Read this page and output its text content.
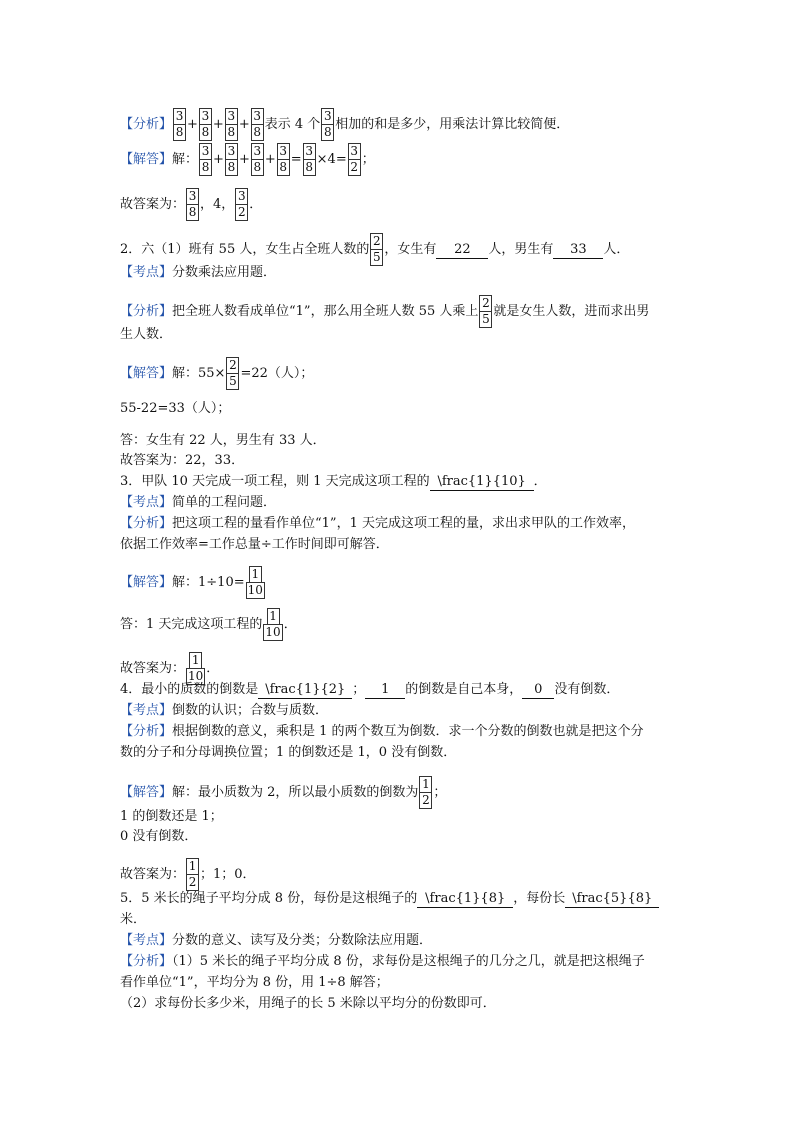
【分析】 $\frac{3}{8} + \frac{3}{8} + \frac{3}{8} + \frac{3}{8}$ 表示 4 个 $\frac{3}{8}$ 相加的和是多少，用乘法计算比较简便．
【解答】解： $\frac{3}{8} + \frac{3}{8} + \frac{3}{8} + \frac{3}{8} = \frac{3}{8} \times 4= \frac{3}{2}$ ；
故答案为： $\frac{3}{8}$ ，4， $\frac{3}{2}$ ．
2．六（1）班有 55 人，女生占全班人数的 $\frac{2}{5}$ ，女生有 22 人，男生有 33 人．
【考点】分数乘法应用题．
【分析】把全班人数看成单位“1”，那么用全班人数 55 人乘上 $\frac{2}{5}$ 就是女生人数，进而求出男
生人数．
【解答】解：$55\times \frac{2}{5} =22$（人）；
55-22=33（人）；
答：女生有 22 人，男生有 33 人．
故答案为：22，33．
3．甲队 10 天完成一项工程，则 1 天完成这项工程的 \frac{1}{10} ．
【考点】简单的工程问题．
【分析】把这项工程的量看作单位“1”，1 天完成这项工程的量，求出求甲队的工作效率，
依据工作效率=工作总量÷工作时间即可解答．
【解答】解：$1\div 10= \frac{1}{10}$
答：1 天完成这项工程的 $\frac{1}{10}$ ．
故答案为： $\frac{1}{10}$ ．
4．最小的质数的倒数是 \frac{1}{2} ； 1 的倒数是自己本身， 0 没有倒数．
【考点】倒数的认识；合数与质数．
【分析】根据倒数的意义，乘积是 1 的两个数互为倒数．求一个分数的倒数也就是把这个分
数的分子和分母调换位置；1 的倒数还是 1，0 没有倒数．
【解答】解：最小质数为 2，所以最小质数的倒数为 $\frac{1}{2}$ ；
1 的倒数还是 1；
0 没有倒数．
故答案为： $\frac{1}{2}$ ；1；0．
5．5 米长的绳子平均分成 8 份，每份是这根绳子的 \frac{1}{8} ，每份长 \frac{5}{8}
米．
【考点】分数的意义、读写及分类；分数除法应用题．
【分析】（1）5 米长的绳子平均分成 8 份，求每份是这根绳子的几分之几，就是把这根绳子
看作单位“1”，平均分为 8 份，用 1÷8 解答；
（2）求每份长多少米，用绳子的长 5 米除以平均分的份数即可．
